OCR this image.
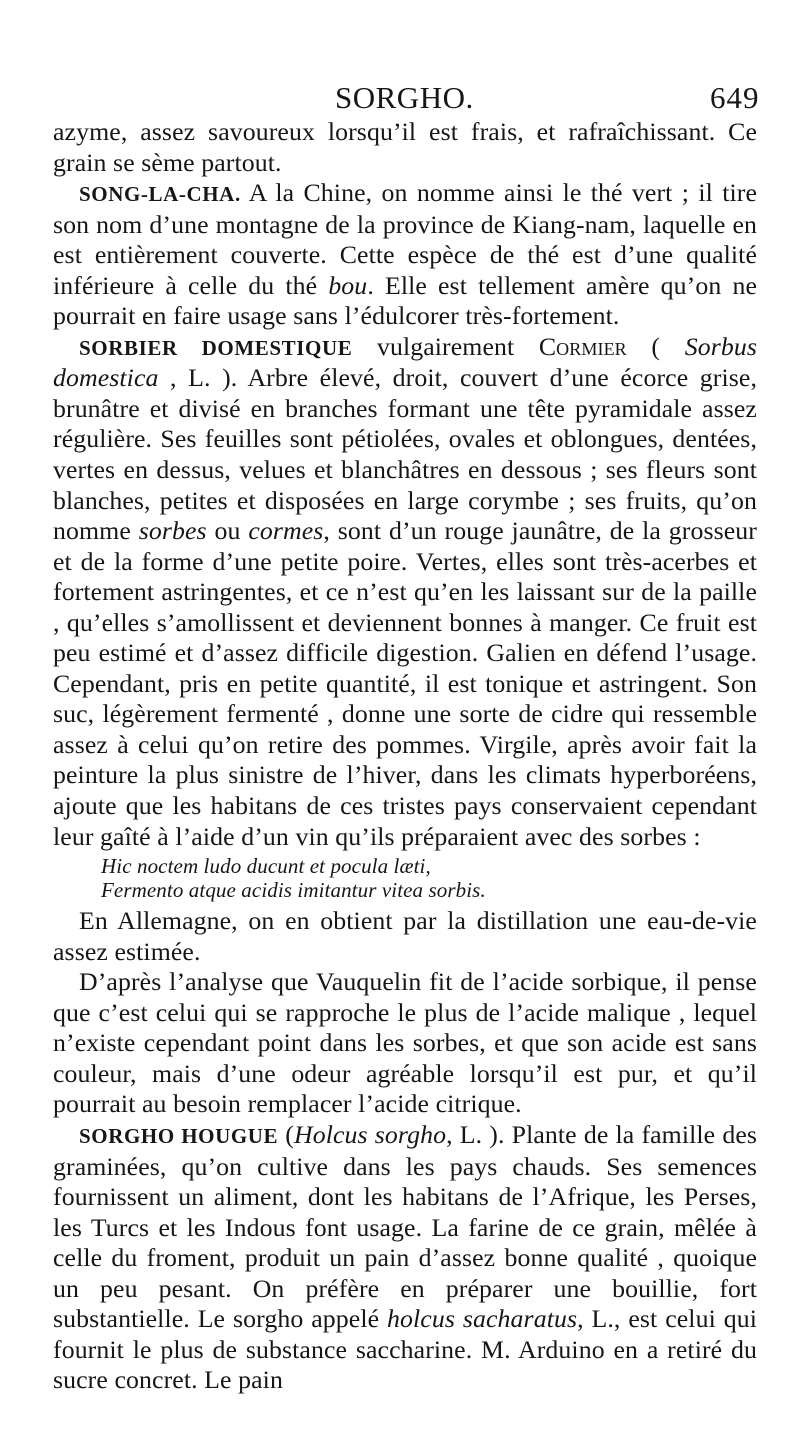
SORGHO.	649

azyme, assez savoureux lorsqu’il est frais, et rafraîchissant. Ce grain se sème partout.

SONG-LA-CHA. A la Chine, on nomme ainsi le thé vert ; il tire son nom d’une montagne de la province de Kiang-nam, laquelle en est entièrement couverte. Cette espèce de thé est d’une qualité inférieure à celle du thé bou. Elle est tellement amère qu’on ne pourrait en faire usage sans l’édulcorer très-fortement.

SORBIER DOMESTIQUE vulgairement Cormier ( Sorbus domestica , L. ). Arbre élevé, droit, couvert d’une écorce grise, brunâtre et divisé en branches formant une tête pyramidale assez régulière. Ses feuilles sont pétiolées, ovales et oblongues, dentées, vertes en dessus, velues et blanchâtres en dessous ; ses fleurs sont blanches, petites et disposées en large corymbe ; ses fruits, qu’on nomme sorbes ou cormes, sont d’un rouge jaunâtre, de la grosseur et de la forme d’une petite poire. Vertes, elles sont très-acerbes et fortement astringentes, et ce n’est qu’en les laissant sur de la paille , qu’elles s’amollissent et deviennent bonnes à manger. Ce fruit est peu estimé et d’assez difficile digestion. Galien en défend l’usage. Cependant, pris en petite quantité, il est tonique et astringent. Son suc, légèrement fermenté , donne une sorte de cidre qui ressemble assez à celui qu’on retire des pommes. Virgile, après avoir fait la peinture la plus sinistre de l’hiver, dans les climats hyperboréens, ajoute que les habitans de ces tristes pays conservaient cependant leur gaîté à l’aide d’un vin qu’ils préparaient avec des sorbes :

Hic noctem ludo ducunt et pocula læti,

Fermento atque acidis imitantur vitea sorbis.

En Allemagne, on en obtient par la distillation une eau-de-vie assez estimée.

D’après l’analyse que Vauquelin fit de l’acide sorbique, il pense que c’est celui qui se rapproche le plus de l’acide malique , lequel n’existe cependant point dans les sorbes, et que son acide est sans couleur, mais d’une odeur agréable lorsqu’il est pur, et qu’il pourrait au besoin remplacer l’acide citrique.

SORGHO HOUGUE (Holcus sorgho, L. ). Plante de la famille des graminées, qu’on cultive dans les pays chauds. Ses semences fournissent un aliment, dont les habitans de l’Afrique, les Perses, les Turcs et les Indous font usage. La farine de ce grain, mêlée à celle du froment, produit un pain d’assez bonne qualité , quoique un peu pesant. On préfère en préparer une bouillie, fort substantielle. Le sorgho appelé holcus sacharatus, L., est celui qui fournit le plus de substance saccharine. M. Arduino en a retiré du sucre concret. Le pain
